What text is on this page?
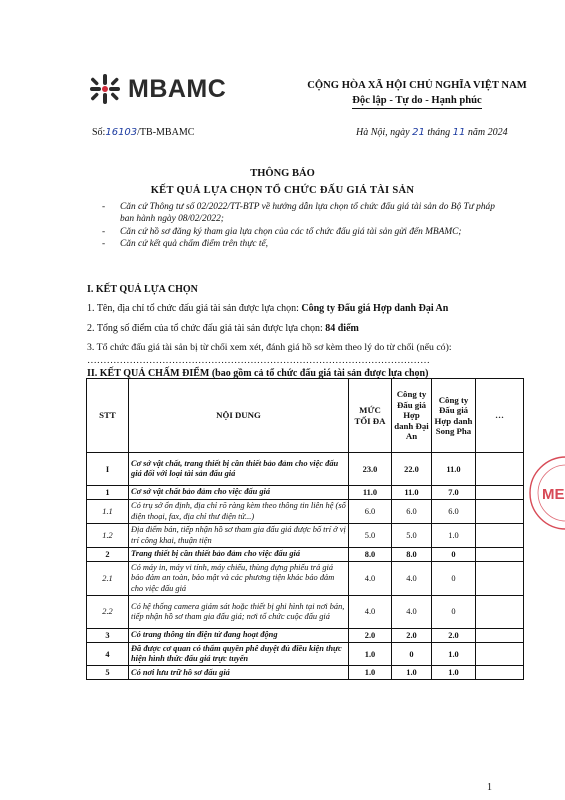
MBAMC	CỘNG HÒA XÃ HỘI CHỦ NGHĨA VIỆT NAM
Độc lập - Tự do - Hạnh phúc
Số:16103/TB-MBAMC	Hà Nội, ngày 21 tháng 11 năm 2024
THÔNG BÁO
KẾT QUẢ LỰA CHỌN TỔ CHỨC ĐẤU GIÁ TÀI SẢN
- Căn cứ Thông tư số 02/2022/TT-BTP về hướng dẫn lựa chọn tổ chức đấu giá tài sản do Bộ Tư pháp ban hành ngày 08/02/2022;
- Căn cứ hồ sơ đăng ký tham gia lựa chọn của các tổ chức đấu giá tài sản gửi đến MBAMC;
- Căn cứ kết quả chấm điểm trên thực tế,
I. KẾT QUẢ LỰA CHỌN
1. Tên, địa chỉ tổ chức đấu giá tài sản được lựa chọn: Công ty Đấu giá Hợp danh Đại An
2. Tổng số điểm của tổ chức đấu giá tài sản được lựa chọn: 84 điểm
3. Tổ chức đấu giá tài sản bị từ chối xem xét, đánh giá hồ sơ kèm theo lý do từ chối (nếu có): ……………………………………………………………………………………………
II. KẾT QUẢ CHẤM ĐIỂM (bao gồm cả tổ chức đấu giá tài sản được lựa chọn)
STT	NỘI DUNG	MỨC TỐI ĐA	Công ty Đấu giá Hợp danh Đại An	Công ty Đấu giá Hợp danh Song Pha	…
I	Cơ sở vật chất, trang thiết bị cần thiết bảo đảm cho việc đấu giá đối với loại tài sản đấu giá	23.0	22.0	11.0	
1	Cơ sở vật chất bảo đảm cho việc đấu giá	11.0	11.0	7.0	
1.1	Có trụ sở ổn định, địa chỉ rõ ràng kèm theo thông tin liên hệ (số điện thoại, fax, địa chỉ thư điện tử...)	6.0	6.0	6.0	
1.2	Địa điểm bán, tiếp nhận hồ sơ tham gia đấu giá được bố trí ở vị trí công khai, thuận tiện	5.0	5.0	1.0	
2	Trang thiết bị cần thiết bảo đảm cho việc đấu giá	8.0	8.0	0	
2.1	Có máy in, máy vi tính, máy chiếu, thùng đựng phiếu trả giá bảo đảm an toàn, bảo mật và các phương tiện khác bảo đảm cho việc đấu giá	4.0	4.0	0	
2.2	Có hệ thống camera giám sát hoặc thiết bị ghi hình tại nơi bán, tiếp nhận hồ sơ tham gia đấu giá; nơi tổ chức cuộc đấu giá	4.0	4.0	0	
3	Có trang thông tin điện tử đang hoạt động	2.0	2.0	2.0	
4	Đã được cơ quan có thẩm quyền phê duyệt đủ điều kiện thực hiện hình thức đấu giá trực tuyến	1.0	0	1.0	
5	Có nơi lưu trữ hồ sơ đấu giá	1.0	1.0	1.0	
ME
1
